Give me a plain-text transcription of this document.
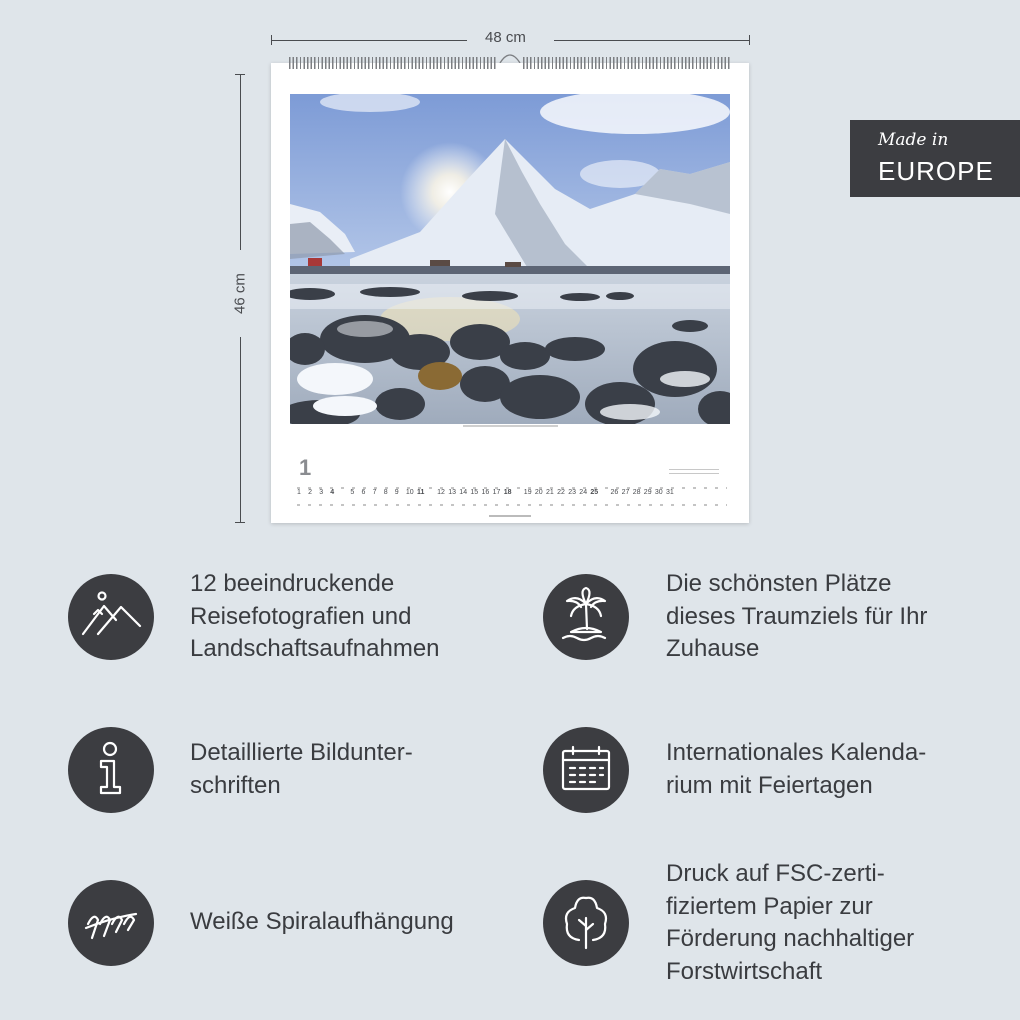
48 cm
46 cm
1
1 2 3 4 5 6 7 8 9 10 11 12 13 14 15 16 17 18 19 20 21 22 23 24 25 26 27 28 29 30 31
Made in
EUROPE
12 beeindruckende
Reisefotografien und
Landschaftsaufnahmen
Die schönsten Plätze
dieses Traumziels für Ihr
Zuhause
Detaillierte Bildunter-
schriften
Internationales Kalenda-
rium mit Feiertagen
Weiße Spiralaufhängung
Druck auf FSC-zerti-
fiziertem Papier zur
Förderung nachhaltiger
Forstwirtschaft
